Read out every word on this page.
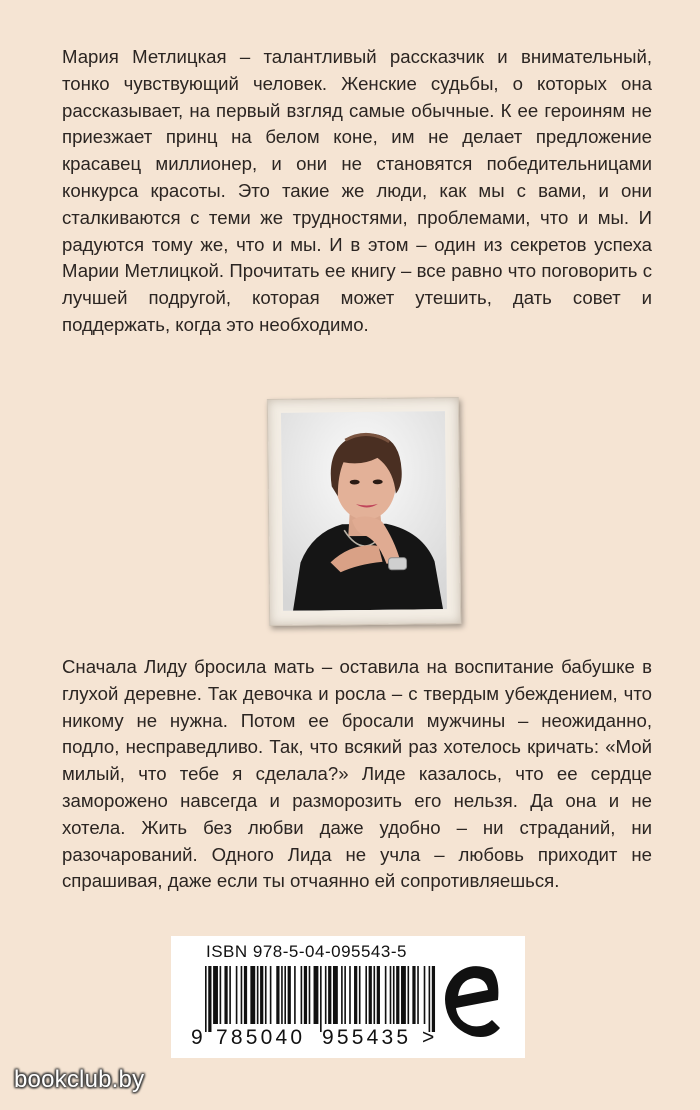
Мария Метлицкая – талантливый рассказчик и внимательный, тонко чувствующий человек. Женские судьбы, о которых она рассказывает, на первый взгляд самые обычные. К ее героиням не приезжает принц на белом коне, им не делает предложение красавец миллионер, и они не становятся победительницами конкурса красоты. Это такие же люди, как мы с вами, и они сталкиваются с теми же трудностями, проблемами, что и мы. И радуются тому же, что и мы. И в этом – один из секретов успеха Марии Метлицкой. Прочитать ее книгу – все равно что поговорить с лучшей подругой, которая может утешить, дать совет и поддержать, когда это необходимо.

Сначала Лиду бросила мать – оставила на воспитание бабушке в глухой деревне. Так девочка и росла – с твердым убеждением, что никому не нужна. Потом ее бросали мужчины – неожиданно, подло, несправедливо. Так, что всякий раз хотелось кричать: «Мой милый, что тебе я сделала?» Лиде казалось, что ее сердце заморожено навсегда и разморозить его нельзя. Да она и не хотела. Жить без любви даже удобно – ни страданий, ни разочарований. Одного Лида не учла – любовь приходит не спрашивая, даже если ты отчаянно ей сопротивляешься.

ISBN 978-5-04-095543-5
9 785040 955435 >
bookclub.by
